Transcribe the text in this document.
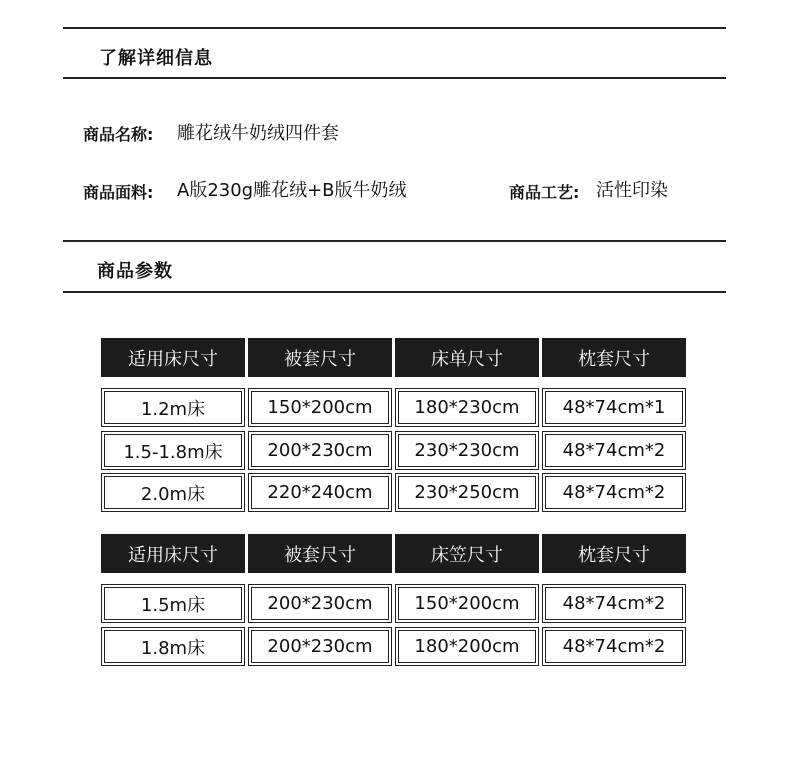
了解详细信息
商品名称: 雕花绒牛奶绒四件套
商品面料: A版230g雕花绒+B版牛奶绒	商品工艺: 活性印染
商品参数
适用床尺寸	被套尺寸	床单尺寸	枕套尺寸
1.2m床	150*200cm	180*230cm	48*74cm*1
1.5-1.8m床	200*230cm	230*230cm	48*74cm*2
2.0m床	220*240cm	230*250cm	48*74cm*2
适用床尺寸	被套尺寸	床笠尺寸	枕套尺寸
1.5m床	200*230cm	150*200cm	48*74cm*2
1.8m床	200*230cm	180*200cm	48*74cm*2
